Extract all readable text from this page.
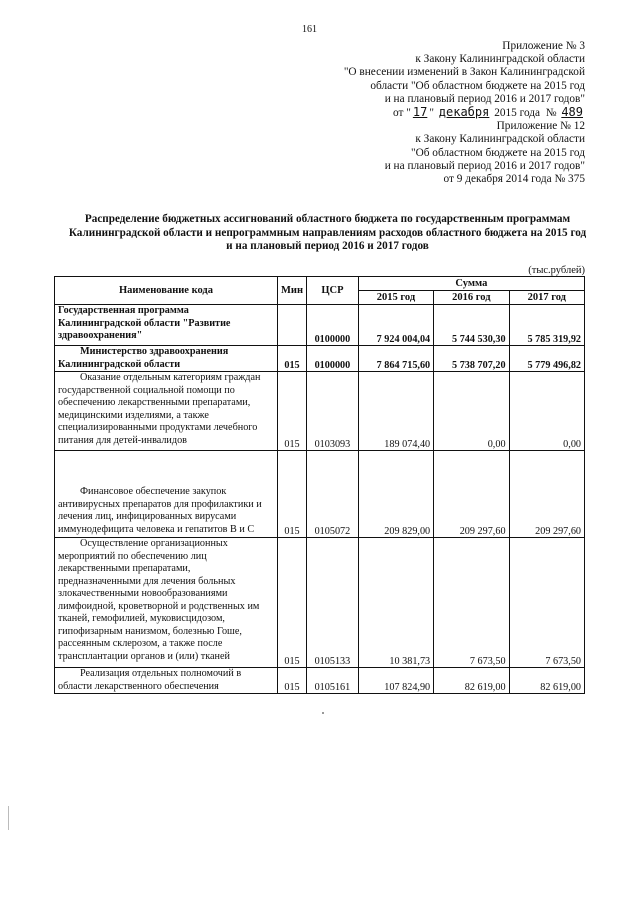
161
Приложение № 3
к Закону Калининградской области
"О внесении изменений в Закон Калининградской
области "Об областном бюджете на 2015 год
и на плановый период 2016 и 2017 годов"
от " 17 " декабря 2015 года № 489
Приложение № 12
к Закону Калининградской области
"Об областном бюджете на 2015 год
и на плановый период 2016 и 2017 годов"
от 9 декабря 2014 года № 375
Распределение бюджетных ассигнований областного бюджета по государственным программам
Калининградской области и непрограммным направлениям расходов областного бюджета на 2015 год
и на плановый период 2016 и 2017 годов
(тыс.рублей)
Наименование кода	Мин	ЦСР	Сумма		
			2015 год	2016 год	2017 год
Государственная программа Калининградской области "Развитие здравоохранения"		0100000	7 924 004,04	5 744 530,30	5 785 319,92
Министерство здравоохранения Калининградской области	015	0100000	7 864 715,60	5 738 707,20	5 779 496,82
Оказание отдельным категориям граждан государственной социальной помощи по обеспечению лекарственными препаратами, медицинскими изделиями, а также специализированными продуктами лечебного питания для детей-инвалидов	015	0103093	189 074,40	0,00	0,00
Финансовое обеспечение закупок антивирусных препаратов для профилактики и лечения лиц, инфицированных вирусами иммунодефицита человека и гепатитов В и С	015	0105072	209 829,00	209 297,60	209 297,60
Осуществление организационных мероприятий по обеспечению лиц лекарственными препаратами, предназначенными для лечения больных злокачественными новообразованиями лимфоидной, кроветворной и родственных им тканей, гемофилией, муковисцидозом, гипофизарным нанизмом, болезнью Гоше, рассеянным склерозом, а также после трансплантации органов и (или) тканей	015	0105133	10 381,73	7 673,50	7 673,50
Реализация отдельных полномочий в области лекарственного обеспечения	015	0105161	107 824,90	82 619,00	82 619,00
